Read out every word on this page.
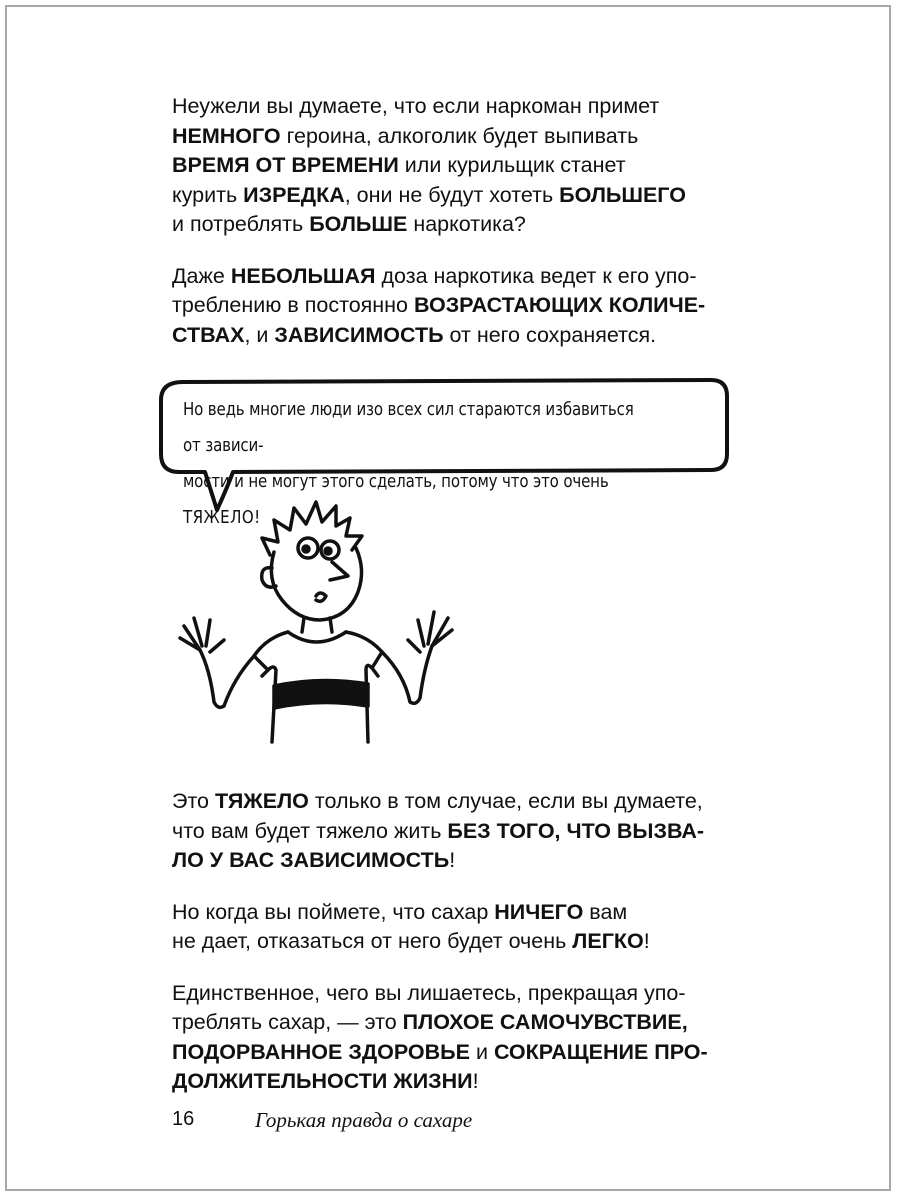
Неужели вы думаете, что если наркоман примет
НЕМНОГО героина, алкоголик будет выпивать
ВРЕМЯ ОТ ВРЕМЕНИ или курильщик станет
курить ИЗРЕДКА, они не будут хотеть БОЛЬШЕГО
и потреблять БОЛЬШЕ наркотика?

Даже НЕБОЛЬШАЯ доза наркотика ведет к его упо-
треблению в постоянно ВОЗРАСТАЮЩИХ КОЛИЧЕ-
СТВАХ, и ЗАВИСИМОСТЬ от него сохраняется.

Но ведь многие люди изо всех сил стараются избавиться от зависи-
мости и не могут этого сделать, потому что это очень ТЯЖЕЛО!

Это ТЯЖЕЛО только в том случае, если вы думаете,
что вам будет тяжело жить БЕЗ ТОГО, ЧТО ВЫЗВА-
ЛО У ВАС ЗАВИСИМОСТЬ!

Но когда вы поймете, что сахар НИЧЕГО вам
не дает, отказаться от него будет очень ЛЕГКО!

Единственное, чего вы лишаетесь, прекращая упо-
треблять сахар, — это ПЛОХОЕ САМОЧУВСТВИЕ,
ПОДОРВАННОЕ ЗДОРОВЬЕ и СОКРАЩЕНИЕ ПРО-
ДОЛЖИТЕЛЬНОСТИ ЖИЗНИ!

16	Горькая правда о сахаре
